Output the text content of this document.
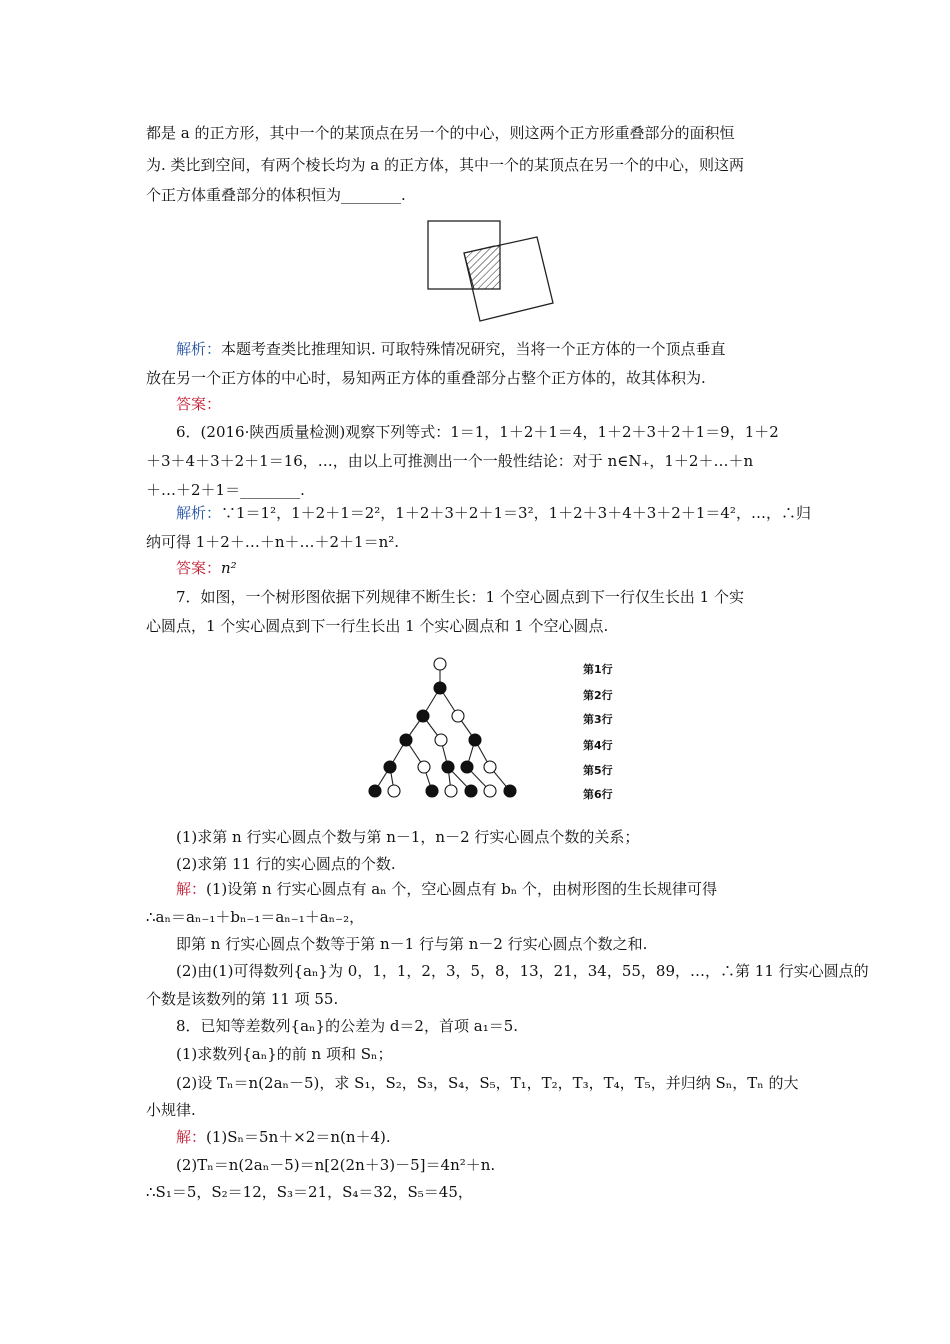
都是 a 的正方形，其中一个的某顶点在另一个的中心，则这两个正方形重叠部分的面积恒
为. 类比到空间，有两个棱长均为 a 的正方体，其中一个的某顶点在另一个的中心，则这两
个正方体重叠部分的体积恒为________.
解析：本题考查类比推理知识. 可取特殊情况研究，当将一个正方体的一个顶点垂直
放在另一个正方体的中心时，易知两正方体的重叠部分占整个正方体的，故其体积为.
答案：
6．(2016·陕西质量检测)观察下列等式：1＝1，1＋2＋1＝4，1＋2＋3＋2＋1＝9，1＋2
＋3＋4＋3＋2＋1＝16，…，由以上可推测出一个一般性结论：对于 n∈N₊，1＋2＋…＋n
＋…＋2＋1＝________.
解析：∵1＝1²，1＋2＋1＝2²，1＋2＋3＋2＋1＝3²，1＋2＋3＋4＋3＋2＋1＝4²，…，∴归
纳可得 1＋2＋…＋n＋…＋2＋1＝n².
答案：n²
7．如图，一个树形图依据下列规律不断生长：1 个空心圆点到下一行仅生长出 1 个实
心圆点，1 个实心圆点到下一行生长出 1 个实心圆点和 1 个空心圆点.
第1行
第2行
第3行
第4行
第5行
第6行
(1)求第 n 行实心圆点个数与第 n－1，n－2 行实心圆点个数的关系；
(2)求第 11 行的实心圆点的个数.
解：(1)设第 n 行实心圆点有 aₙ 个，空心圆点有 bₙ 个，由树形图的生长规律可得
∴aₙ＝aₙ₋₁＋bₙ₋₁＝aₙ₋₁＋aₙ₋₂，
即第 n 行实心圆点个数等于第 n－1 行与第 n－2 行实心圆点个数之和.
(2)由(1)可得数列{aₙ}为 0，1，1，2，3，5，8，13，21，34，55，89，…，∴第 11 行实心圆点的
个数是该数列的第 11 项 55.
8．已知等差数列{aₙ}的公差为 d＝2，首项 a₁＝5.
(1)求数列{aₙ}的前 n 项和 Sₙ；
(2)设 Tₙ＝n(2aₙ－5)，求 S₁，S₂，S₃，S₄，S₅，T₁，T₂，T₃，T₄，T₅，并归纳 Sₙ，Tₙ 的大
小规律.
解：(1)Sₙ＝5n＋×2＝n(n＋4).
(2)Tₙ＝n(2aₙ－5)＝n[2(2n＋3)－5]＝4n²＋n.
∴S₁＝5，S₂＝12，S₃＝21，S₄＝32，S₅＝45，
